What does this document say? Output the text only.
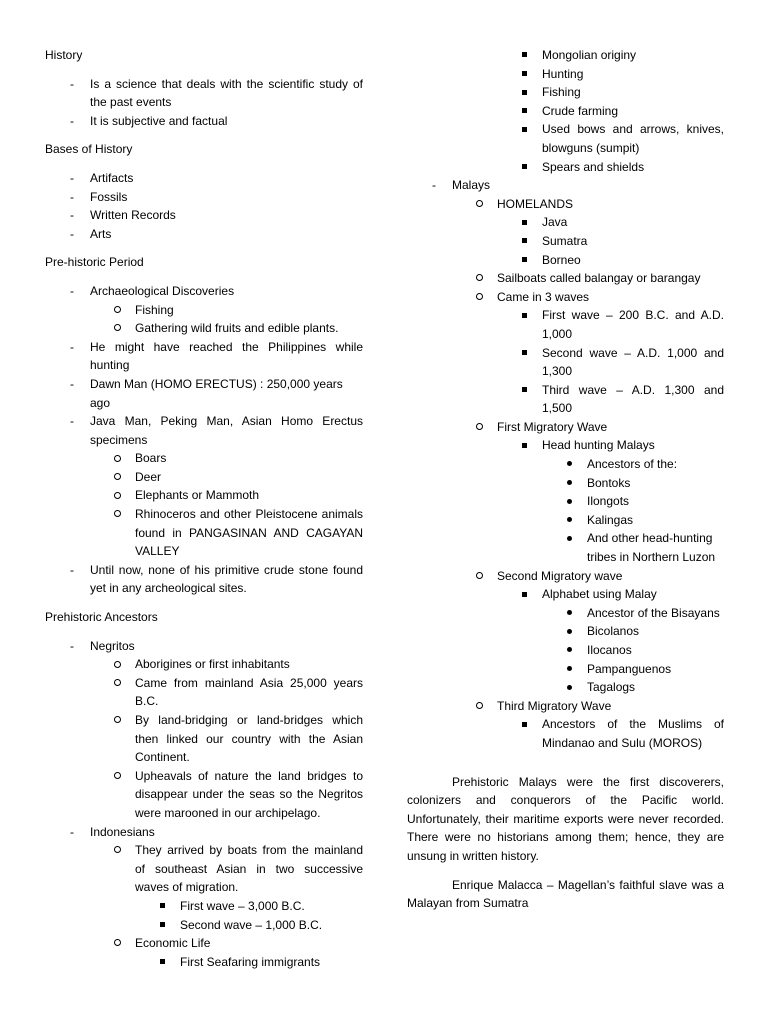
History
-	Is a science that deals with the scientific study of the past events
-	It is subjective and factual
Bases of History
-	Artifacts
-	Fossils
-	Written Records
-	Arts
Pre-historic Period
-	Archaeological Discoveries
Fishing
Gathering wild fruits and edible plants.
-	He might have reached the Philippines while hunting
-	Dawn Man (HOMO ERECTUS) : 250,000 years ago
-	Java Man, Peking Man, Asian Homo Erectus specimens
Boars
Deer
Elephants or Mammoth
Rhinoceros and other Pleistocene animals found in PANGASINAN AND CAGAYAN VALLEY
-	Until now, none of his primitive crude stone found yet in any archeological sites.
Prehistoric Ancestors
-	Negritos
Aborigines or first inhabitants
Came from mainland Asia 25,000 years B.C.
By land-bridging or land-bridges which then linked our country with the Asian Continent.
Upheavals of nature the land bridges to disappear under the seas so the Negritos were marooned in our archipelago.
-	Indonesians
They arrived by boats from the mainland of southeast Asian in two successive waves of migration.
First wave – 3,000 B.C.
Second wave – 1,000 B.C.
Economic Life
First Seafaring immigrants
Mongolian originy
Hunting
Fishing
Crude farming
Used bows and arrows, knives, blowguns (sumpit)
Spears and shields
-	Malays
HOMELANDS
Java
Sumatra
Borneo
Sailboats called balangay or barangay
Came in 3 waves
First wave – 200 B.C. and A.D. 1,000
Second wave – A.D. 1,000 and 1,300
Third wave – A.D. 1,300 and 1,500
First Migratory Wave
Head hunting Malays
Ancestors of the:
Bontoks
Ilongots
Kalingas
And other head-hunting tribes in Northern Luzon
Second Migratory wave
Alphabet using Malay
Ancestor of the Bisayans
Bicolanos
Ilocanos
Pampanguenos
Tagalogs
Third Migratory Wave
Ancestors of the Muslims of Mindanao and Sulu (MOROS)

Prehistoric Malays were the first discoverers, colonizers and conquerors of the Pacific world. Unfortunately, their maritime exports were never recorded. There were no historians among them; hence, they are unsung in written history.

Enrique Malacca – Magellan’s faithful slave was a Malayan from Sumatra
